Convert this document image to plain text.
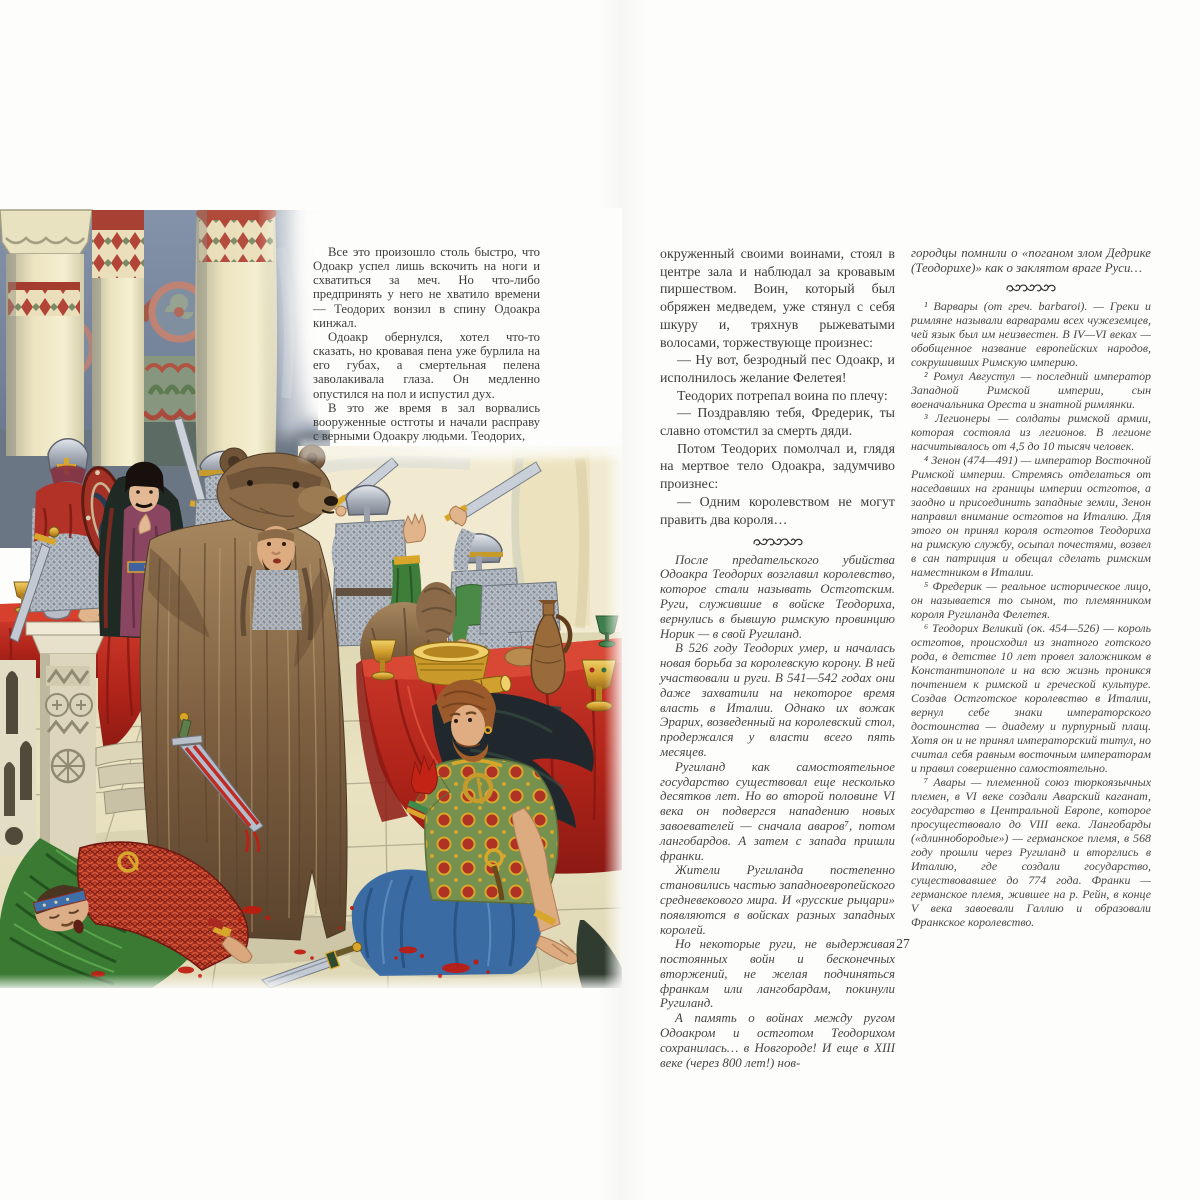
Все это произошло столь быстро, что Одоакр успел лишь вскочить на ноги и схватиться за меч. Но что-либо предпринять у него не хватило времени — Теодорих вонзил в спину Одоакра кинжал.

Одоакр обернулся, хотел что-то сказать, но кровавая пена уже бурлила на его губах, а смертельная пелена заволакивала глаза. Он медленно опустился на пол и испустил дух.

В это же время в зал ворвались вооруженные остготы и начали расправу с верными Одоакру людьми. Теодорих,

окруженный своими воинами, стоял в центре зала и наблюдал за кровавым пиршеством. Воин, который был обряжен медведем, уже стянул с себя шкуру и, тряхнув рыжеватыми волосами, торжествующе произнес:

— Ну вот, безродный пес Одоакр, и исполнилось желание Фелетея!

Теодорих потрепал воина по плечу:

— Поздравляю тебя, Фредерик, ты славно отомстил за смерть дяди.

Потом Теодорих помолчал и, глядя на мертвое тело Одоакра, задумчиво произнес:

— Одним королевством не могут править два короля…

После предательского убийства Одоакра Теодорих возглавил королевство, которое стали называть Остготским. Руги, служившие в войске Теодориха, вернулись в бывшую римскую провинцию Норик — в свой Ругиланд.

В 526 году Теодорих умер, и началась новая борьба за королевскую корону. В ней участвовали и руги. В 541—542 годах они даже захватили на некоторое время власть в Италии. Однако их вожак Эрарих, возведенный на королевский стол, продержался у власти всего пять месяцев.

Ругиланд как самостоятельное государство существовал еще несколько десятков лет. Но во второй половине VI века он подвергся нападению новых завоевателей — сначала аваров⁷, потом лангобардов. А затем с запада пришли франки.

Жители Ругиланда постепенно становились частью западноевропейского средневекового мира. И «русские рыцари» появляются в войсках разных западных королей.

Но некоторые руги, не выдерживая постоянных войн и бесконечных вторжений, не желая подчиняться франкам или лангобардам, покинули Ругиланд.

А память о войнах между ругом Одоакром и остготом Теодорихом сохранилась… в Новгороде! И еще в XIII веке (через 800 лет!) нов-

городцы помнили о «поганом злом Дедрике (Теодорихе)» как о заклятом враге Руси…

¹ Варвары (от греч. barbaroi). — Греки и римляне называли варварами всех чужеземцев, чей язык был им неизвестен. В IV—VI веках — обобщенное название европейских народов, сокрушивших Римскую империю.

² Ромул Августул — последний император Западной Римской империи, сын военачальника Ореста и знатной римлянки.

³ Легионеры — солдаты римской армии, которая состояла из легионов. В легионе насчитывалось от 4,5 до 10 тысяч человек.

⁴ Зенон (474—491) — император Восточной Римской империи. Стремясь отделаться от наседавших на границы империи остготов, а заодно и присоединить западные земли, Зенон направил внимание остготов на Италию. Для этого он принял короля остготов Теодориха на римскую службу, осыпал почестями, возвел в сан патриция и обещал сделать римским наместником в Италии.

⁵ Фредерик — реальное историческое лицо, он называется то сыном, то племянником короля Ругиланда Фелетея.

⁶ Теодорих Великий (ок. 454—526) — король остготов, происходил из знатного готского рода, в детстве 10 лет провел заложником в Константинополе и на всю жизнь проникся почтением к римской и греческой культуре. Создав Остготское королевство в Италии, вернул себе знаки императорского достоинства — диадему и пурпурный плащ. Хотя он и не принял императорский титул, но считал себя равным восточным императорам и правил совершенно самостоятельно.

⁷ Авары — племенной союз тюркоязычных племен, в VI веке создали Аварский каганат, государство в Центральной Европе, которое просуществовало до VIII века. Лангобарды («длиннобородые») — германское племя, в 568 году прошли через Ругиланд и вторглись в Италию, где создали государство, существовавшее до 774 года. Франки — германское племя, жившее на р. Рейн, в конце V века завоевали Галлию и образовали Франкское королевство.

27
